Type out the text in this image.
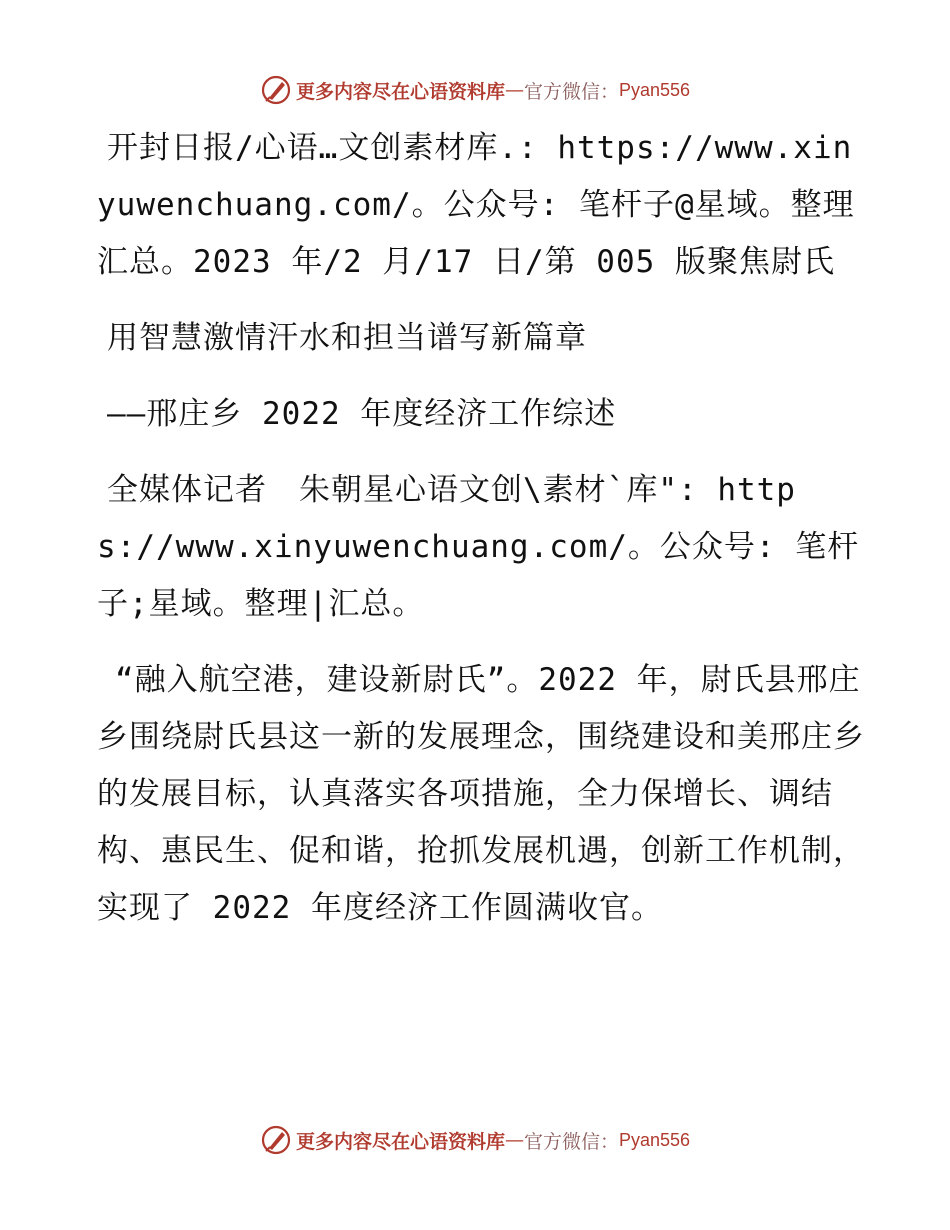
更多内容尽在心语资料库 — 官方微信： Pyan556

开封日报/心语…文创素材库.: https://www.xinyuwenchuang.com/。公众号: 笔杆子@星域。整理汇总。2023 年/2 月/17 日/第 005 版聚焦尉氏

用智慧激情汗水和担当谱写新篇章

——邢庄乡 2022 年度经济工作综述

全媒体记者　朱朝星心语文创\素材`库": https://www.xinyuwenchuang.com/。公众号: 笔杆子;星域。整理|汇总。

“融入航空港，建设新尉氏”。2022 年，尉氏县邢庄乡围绕尉氏县这一新的发展理念，围绕建设和美邢庄乡的发展目标，认真落实各项措施，全力保增长、调结构、惠民生、促和谐，抢抓发展机遇，创新工作机制，实现了 2022 年度经济工作圆满收官。

更多内容尽在心语资料库 — 官方微信： Pyan556
